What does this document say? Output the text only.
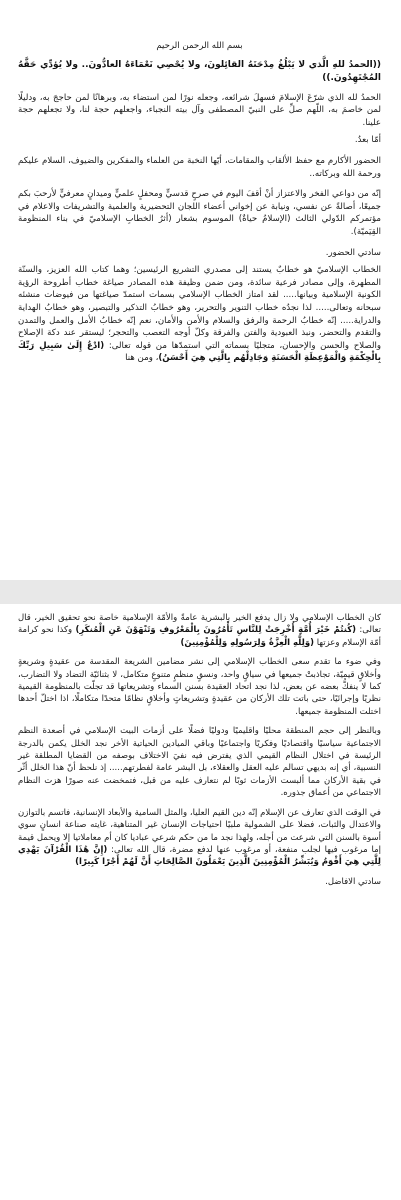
بسم الله الرحمن الرحيم

((الحمدُ للهِ الَّذي لا يَبْلُغُ مِدْحَتَهُ القائِلونَ، ولا يُحْصِي نَعْمَاءَهُ العادُّونَ.. ولا يُؤدِّي حَقَّهُ المُجْتَهِدُونَ.))

الحمدُ لله الذي شرّعَ الإسلامَ فسهلَ شرائعه، وجعله نورًا لمن استضاء به، وبرهانًا لمن حاججَ به، ودليلًا لمن خاصمَ به، اللّهم صلِّ على النبيّ المصطفى وآل بيته النجباء، واجعلهم حجة لنا، ولا تجعلهم حجة علينا.

أمّا بعدُ.

الحضور الأكارم مع حفظ الألقاب والمقامات، أيّها النخبة من العلماء والمفكرين والضيوف، السلام عليكم ورحمة الله وبركاته..

إنّه من دواعي الفخر والاعتزاز أنْ أقفَ اليوم في صرحٍ قدسيٍّ ومحفلٍ علميٍّ وميدانٍ معرفيٍّ لأرحبَ بكم جميعًا، أصالةً عن نفسي، ونيابة عن إخواني أعضاء اللجان التحضيرية والعلمية والتشريفات والاعلام في مؤتمركم الدّولي الثالث (الإسلامُ حياةٌ) الموسوم بشعار (أثرُ الخطابِ الإسلاميّ في بناء المنظومة القِيَميّة).

سادتي الحضور.

الخطاب الإسلاميّ هو خطابٌ يستند إلى مصدري التشريع الرئيسين؛ وهما كتاب الله العزيز، والسنّة المطهرة، وإلى مصادر فرعية سائدة، ومن ضمن وظيفة هذه المصادر صياغة خطاب أطروحة الرؤية الكونية الإسلامية وبيانها..... لقد امتاز الخطاب الإسلامي بسمات استمدّ صياغتها من فيوضات منشئه سبحانه وتعالى..... لذا نجدُه خطاب التنوير والتحرير، وهو خطابُ التذكير والتبصير، وهو خطابُ الهداية والدراية..... إنّه خطابُ الرحمة والرفق والسلام والأمن والأمان، نعم إنّه خطابُ الأمل والعمل والتمدن والتقدم والتحضر، ونبذ العبودية والفتن والفرقة وكلّ أوجه التعصب والتحجر؛ ليستقر عند دكة الإصلاح والصلاح والحسن والإحسان، متجليًا بسماته التي استمدّها من قوله تعالى: (ادْعُ إِلَىٰ سَبِيلِ رَبِّكَ بِالْحِكْمَةِ وَالْمَوْعِظَةِ الْحَسَنَةِ وَجَادِلْهُم بِالَّتِي هِيَ أَحْسَنُ)، ومن هنا

كان الخطاب الإسلامي ولا زال يدفع الخير بالبشرية عامةً والأمّة الإسلامية خاصة نحو تحقيق الخير، قال تعالى: (كُنتُمْ خَيْرَ أُمَّةٍ أُخْرِجَتْ لِلنَّاسِ تَأْمُرُونَ بِالْمَعْرُوفِ وَتَنْهَوْنَ عَنِ الْمُنكَرِ) وكذا نحو كرامة أمّة الإسلام وعزتها (وَلِلَّهِ الْعِزَّةُ وَلِرَسُولِهِ وَلِلْمُؤْمِنِينَ)

وفي ضوء ما تقدم سعى الخطاب الإسلامي إلى نشر مضامين الشريعة المقدسة من عقيدةٍ وشريعةٍ وأخلاقٍ قيميّة، تجاذبتْ جميعها في سياقٍ واحد، ونسقٍ منظمٍ متنوعٍ متكامل، لا بثنائيّة التضاد ولا التضارب، كما لا ينفكُّ بعضه عن بعض، لذا نجد اتحاد العقيدة بسنن السماء وتشريعاتها قد تجلّت بالمنظومة القيمية نظريًا وإجرائيًا، حتى باتت تلك الأركان من عقيدةٍ وتشريعاتٍ وأخلاقٍ نظامًا متحدًا متكاملًا، اذا اختلّ أحدها اختلت المنظومة جميعها.

وبالنظر إلى حجم المنطقة محليًا واقليميًا ودوليًا فضلًا على أزمات البيت الإسلامي في أصعدة النظم الاجتماعية سياسيًا واقتصاديًا وفكريًا واجتماعيًا وباقي الميادين الحياتية الأخر نجد الخلل يكمن بالدرجة الرئيسة في اختلال النظام القيمي الذي يفترض فيه نفيَ الاختلاف بوصفه من القضايا المطلقة غير النسبية، أي إنه بديهي تسالم عليه العقل والعقلاء، بل البشر عامة لفطرتهم..... إذ نلحظ أنّ هذا الخلل أثّر في بقية الأركان مما ألبست الأزمات ثوبًا لم نتعارف عليه من قبل، فتمخضت عنه صورًا هزت النظام الاجتماعي من أعماق جذوره.

في الوقت الذي تعارف عن الإسلام إنّه دين القيم العليا، والمثل السامية والأبعاد الإنسانية، فاتسم بالتوازن والاعتدال والثبات، فضلا على الشمولية ملبيًا احتياجات الإنسان غير المتناهية، غايته صناعة انسانٍ سوي أسوة بالسنن التي شرعت من أجله، ولهذا نجد ما من حكم شرعي عباديا كان أم معاملاتيا إلا ويحمل قيمة إما مرغوب فيها لجلب منفعة، أو مرغوب عنها لدفع مضرة، قال الله تعالى: (إِنَّ هَٰذَا الْقُرْآنَ يَهْدِي لِلَّتِي هِيَ أَقْوَمُ وَيُبَشِّرُ الْمُؤْمِنِينَ الَّذِينَ يَعْمَلُونَ الصَّالِحَاتِ أَنَّ لَهُمْ أَجْرًا كَبِيرًا)

سادتي الافاضل.
